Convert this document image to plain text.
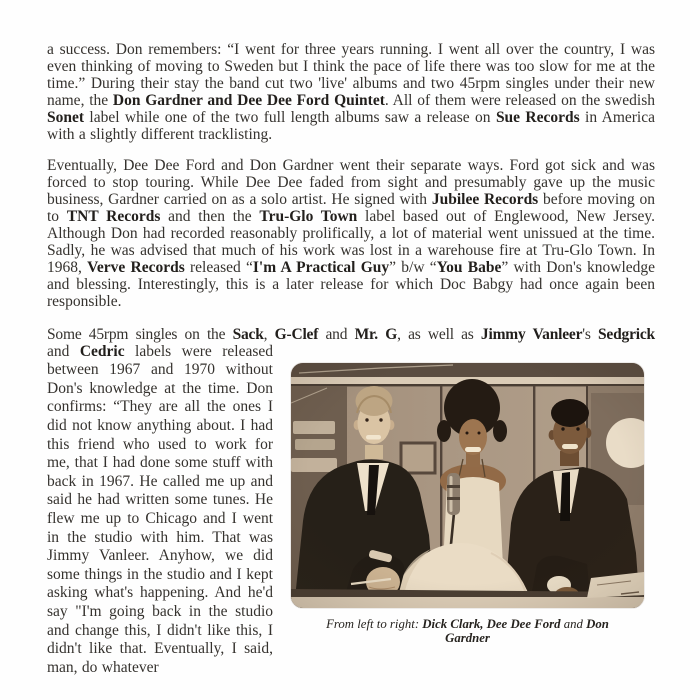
a success. Don remembers: “I went for three years running. I went all over the country, I was even thinking of moving to Sweden but I think the pace of life there was too slow for me at the time.” During their stay the band cut two 'live' albums and two 45rpm singles under their new name, the Don Gardner and Dee Dee Ford Quintet. All of them were released on the swedish Sonet label while one of the two full length albums saw a release on Sue Records in America with a slightly different tracklisting.

Eventually, Dee Dee Ford and Don Gardner went their separate ways. Ford got sick and was forced to stop touring. While Dee Dee faded from sight and presumably gave up the music business, Gardner carried on as a solo artist. He signed with Jubilee Records before moving on to TNT Records and then the Tru-Glo Town label based out of Englewood, New Jersey. Although Don had recorded reasonably prolifically, a lot of material went unissued at the time. Sadly, he was advised that much of his work was lost in a warehouse fire at Tru-Glo Town. In 1968, Verve Records released “I'm A Practical Guy” b/w “You Babe” with Don's knowledge and blessing. Interestingly, this is a later release for which Doc Babgy had once again been responsible.

Some 45rpm singles on the Sack, G-Clef and Mr. G, as well as Jimmy Vanleer's Sedgrick

and Cedric labels were released between 1967 and 1970 without Don's knowledge at the time. Don confirms: “They are all the ones I did not know anything about. I had this friend who used to work for me, that I had done some stuff with back in 1967. He called me up and said he had written some tunes. He flew me up to Chicago and I went in the studio with him. That was Jimmy Vanleer. Anyhow, we did some things in the studio and I kept asking what's happening. And he'd say "I'm going back in the studio and change this, I didn't like this, I didn't like that. Eventually, I said, man, do whatever
From left to right: Dick Clark, Dee Dee Ford and Don Gardner
